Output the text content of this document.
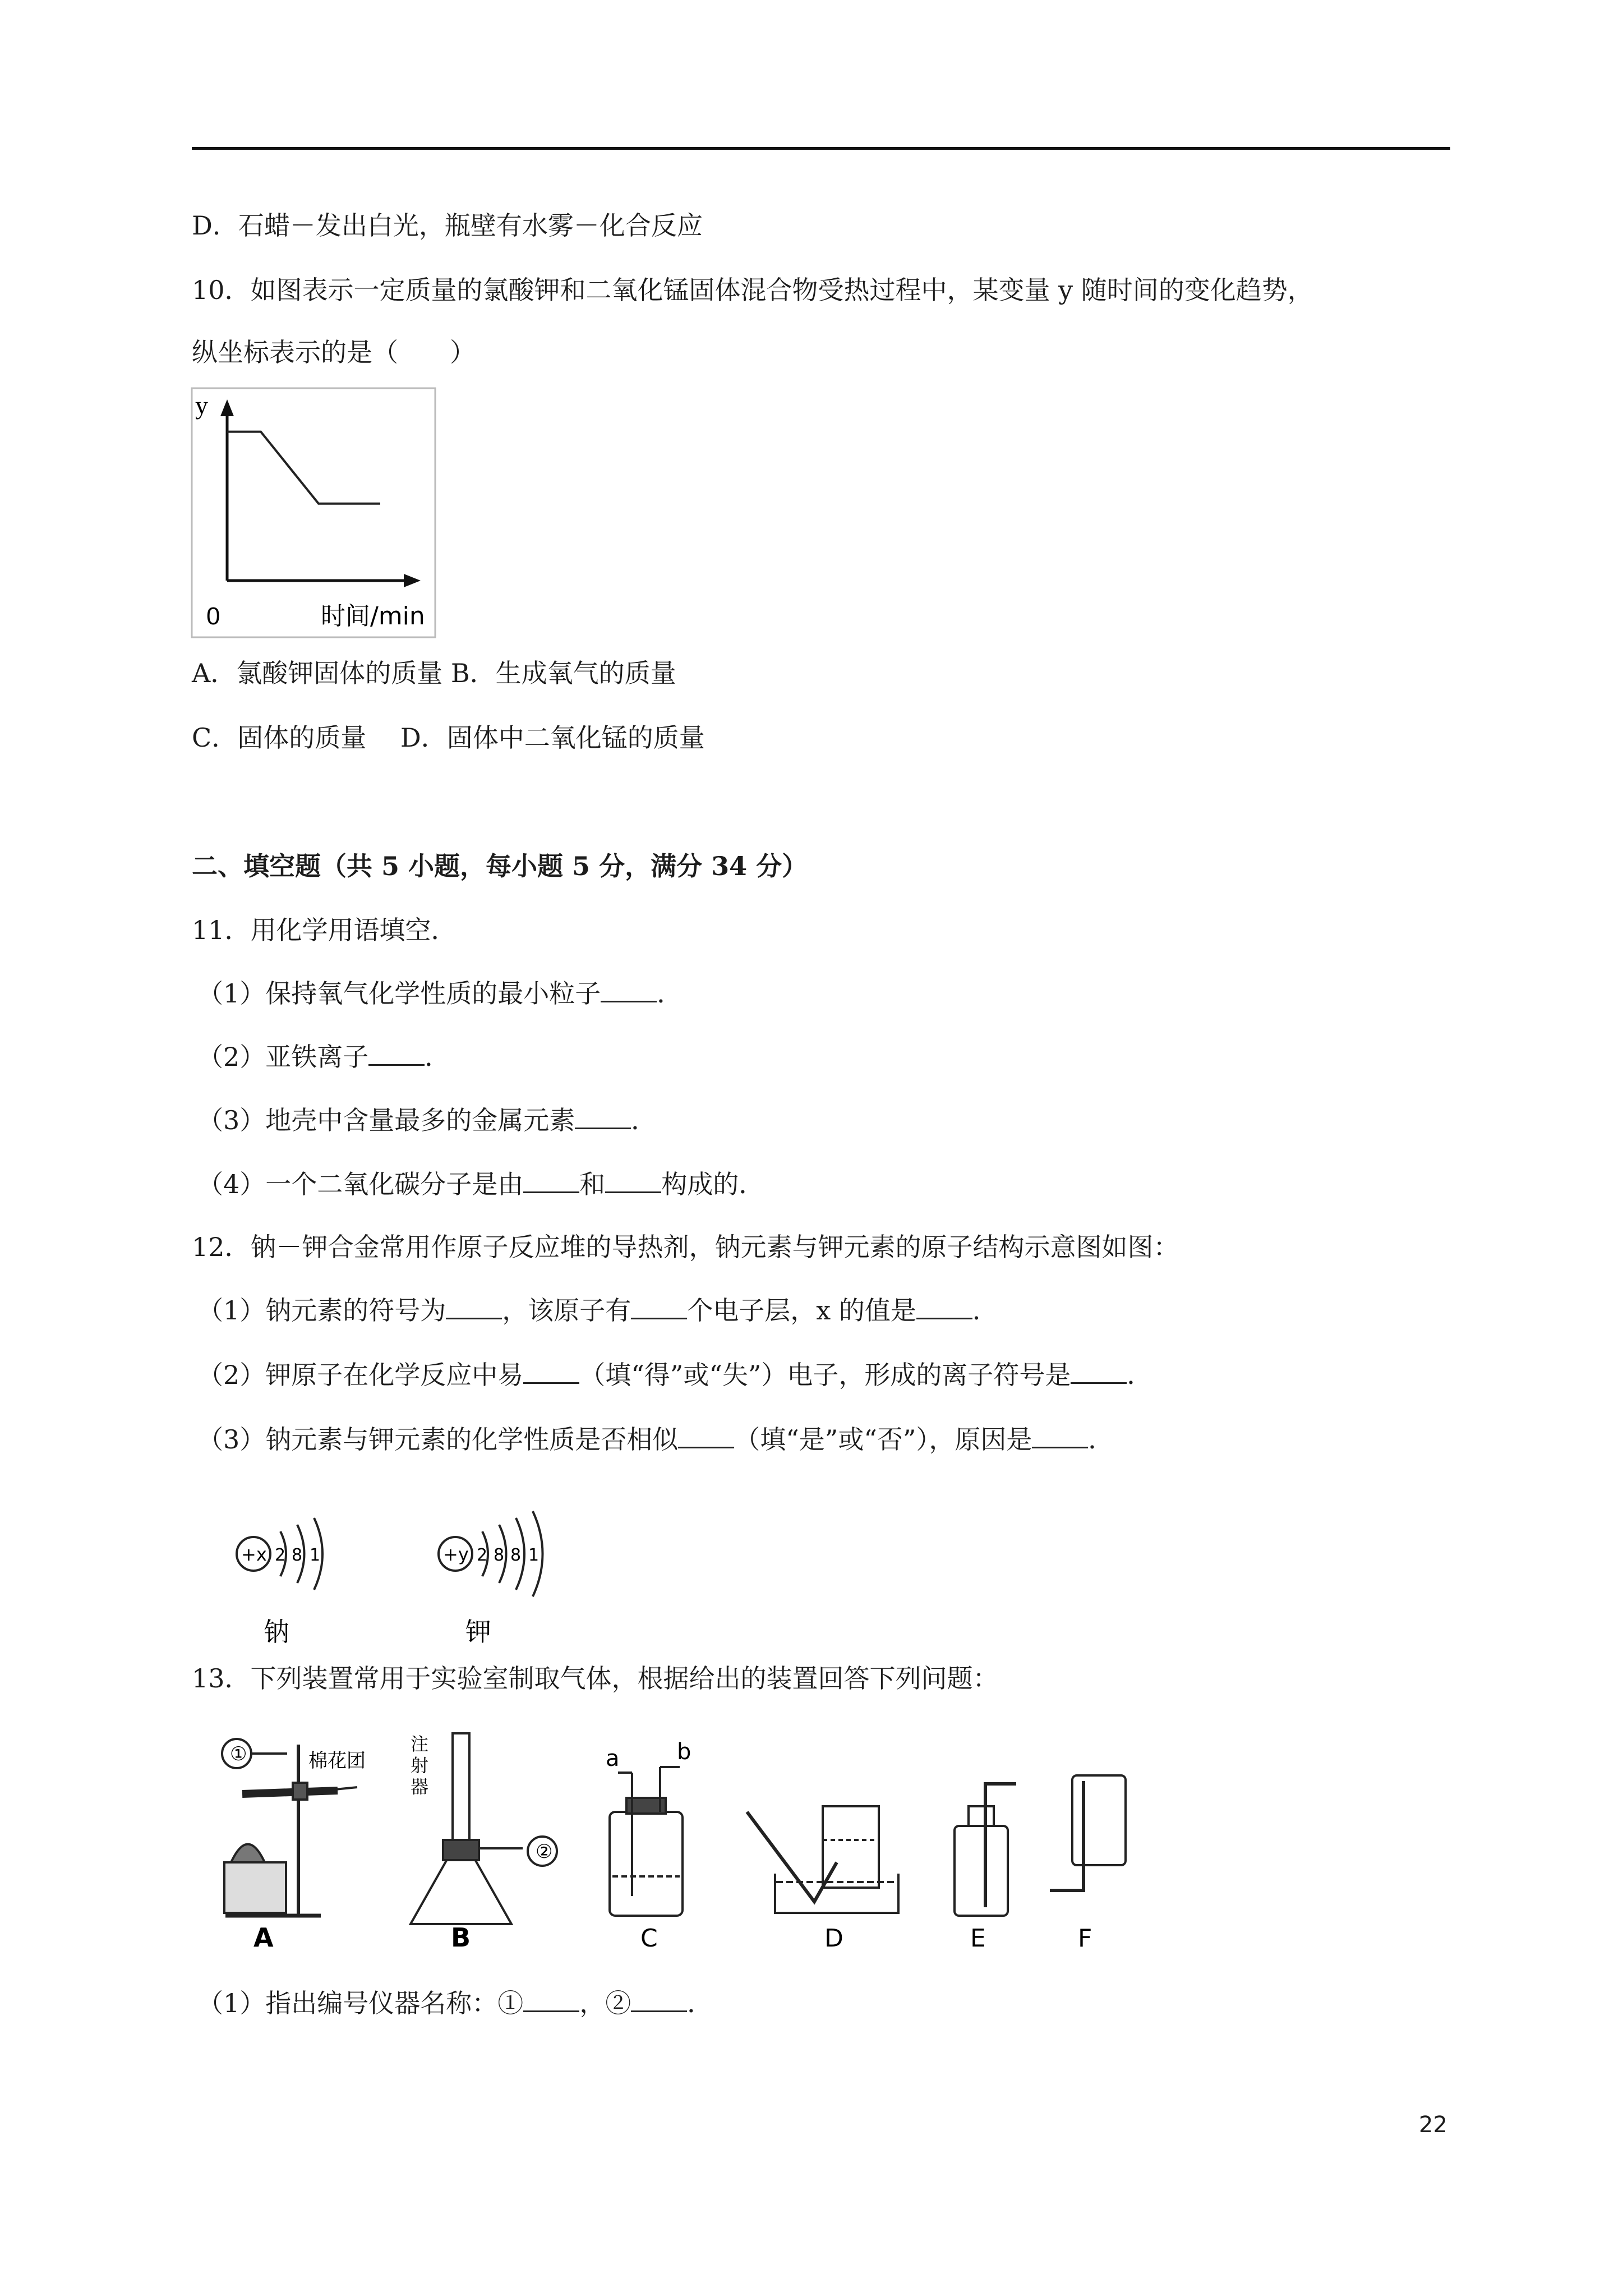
D．石蜡－发出白光，瓶壁有水雾－化合反应
10．如图表示一定质量的氯酸钾和二氧化锰固体混合物受热过程中，某变量 y 随时间的变化趋势，
纵坐标表示的是（　　）
y
0	时间/min
A．氯酸钾固体的质量 B．生成氧气的质量
C．固体的质量　 D．固体中二氧化锰的质量
二、填空题（共 5 小题，每小题 5 分，满分 34 分）
11．用化学用语填空．
（1）保持氧气化学性质的最小粒子 ．
（2）亚铁离子 ．
（3）地壳中含量最多的金属元素 ．
（4）一个二氧化碳分子是由 和 构成的．
12．钠－钾合金常用作原子反应堆的导热剂，钠元素与钾元素的原子结构示意图如图：
（1）钠元素的符号为 ，该原子有 个电子层，x 的值是 ．
（2）钾原子在化学反应中易 （填“得”或“失”）电子，形成的离子符号是 ．
（3）钠元素与钾元素的化学性质是否相似 （填“是”或“否”），原因是 ．
+x 2 8 1
钠
+y 2 8 8 1
钾
13．下列装置常用于实验室制取气体，根据给出的装置回答下列问题：
①	棉花团
A
注
射
器
②
B
a	b
C	D	E	F
（1）指出编号仪器名称：① ，② ．
22
